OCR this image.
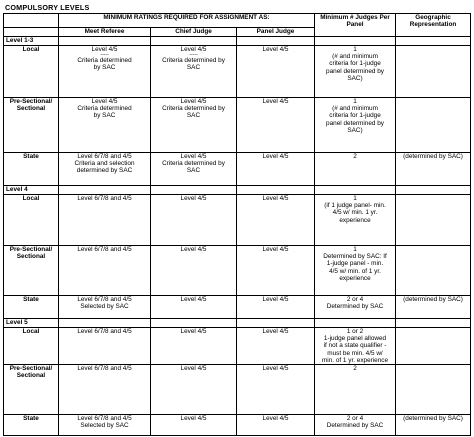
COMPULSORY LEVELS
	MINIMUM RATINGS REQUIRED FOR ASSIGNMENT AS:			Minimum # Judges Per Panel	Geographic Representation
	Meet Referee	Chief Judge	Panel Judge		
Level 1-3					
Local	Level 4/5
-----
Criteria determined
by SAC	Level 4/5
-----
Criteria determined by
SAC	Level 4/5	1
(# and minimum
criteria for 1-judge
panel determined by
SAC)	

Pre-Sectional/ Sectional	Level 4/5
Criteria determined
by SAC	Level 4/5
Criteria determined by
SAC	Level 4/5	1
(# and minimum
criteria for 1-judge
panel determined by
SAC)	

State	Level 6/7/8 and 4/5
Criteria and selection
determined by SAC	Level 4/5
Criteria determined by
SAC	Level 4/5	2	(determined by SAC)

Level 4					
Local	Level 6/7/8 and 4/5	Level 4/5	Level 4/5	1
(if 1 judge panel- min.
4/5 w/ min. 1 yr.
experience	

Pre-Sectional/ Sectional	Level 6/7/8 and 4/5	Level 4/5	Level 4/5	1
Determined by SAC: If
1-judge panel - min.
4/5 w/ min. of 1 yr.
experience	

State	Level 6/7/8 and 4/5
Selected by SAC	Level 4/5	Level 4/5	2 or 4
Determined by SAC	(determined by SAC)

Level 5					
Local	Level 6/7/8 and 4/5	Level 4/5	Level 4/5	1 or 2
1-judge panel allowed
if not a state qualifier -
must be min. 4/5 w/
min. of 1 yr. experience	

Pre-Sectional/ Sectional	Level 6/7/8 and 4/5	Level 4/5	Level 4/5	2	

State	Level 6/7/8 and 4/5
Selected by SAC	Level 4/5	Level 4/5	2 or 4
Determined by SAC	(determined by SAC)
